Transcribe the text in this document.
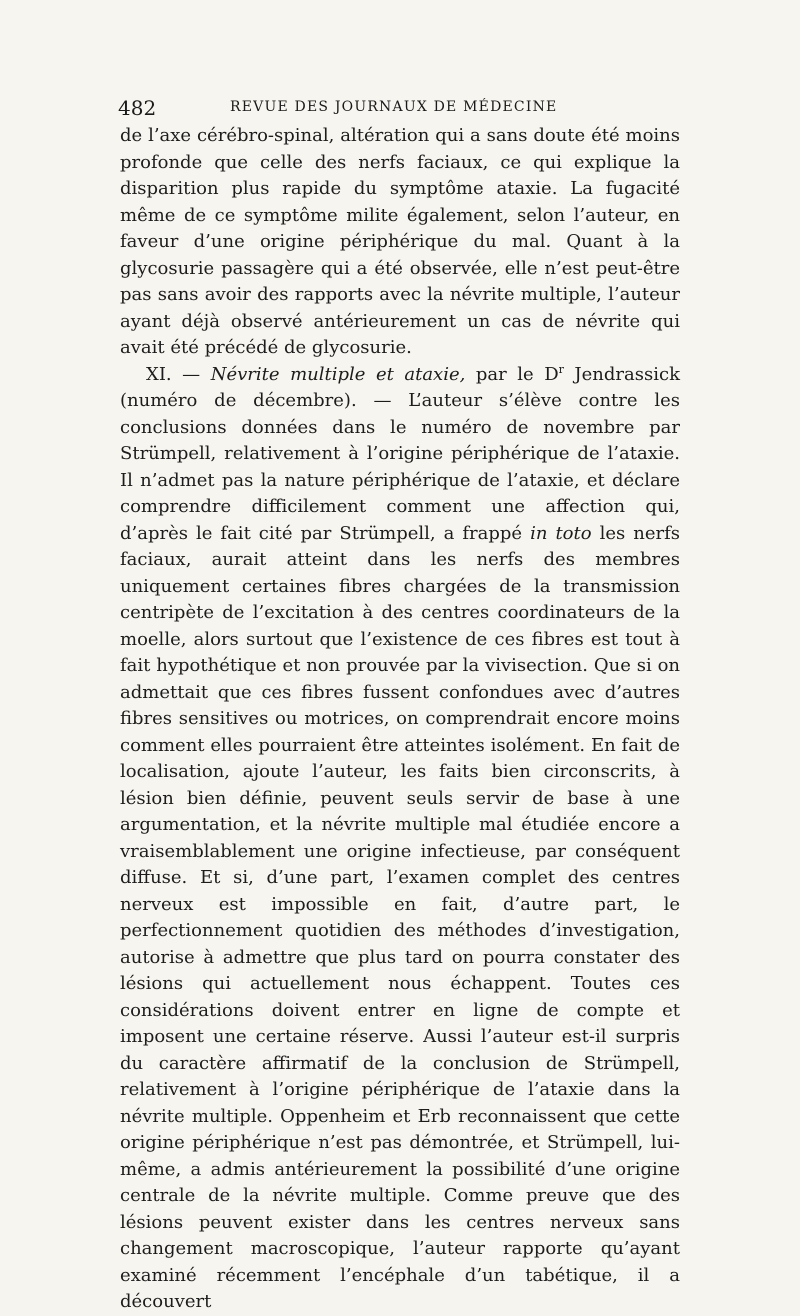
482	REVUE DES JOURNAUX DE MÉDECINE

de l’axe cérébro-spinal, altération qui a sans doute été moins profonde que celle des nerfs faciaux, ce qui explique la disparition plus rapide du symptôme ataxie. La fugacité même de ce symptôme milite également, selon l’auteur, en faveur d’une origine périphérique du mal. Quant à la glycosurie passagère qui a été observée, elle n’est peut-être pas sans avoir des rapports avec la névrite multiple, l’auteur ayant déjà observé antérieurement un cas de névrite qui avait été précédé de glycosurie.

XI. — Névrite multiple et ataxie, par le $D^r$ Jendrassick (numéro de décembre). — L’auteur s’élève contre les conclusions données dans le numéro de novembre par Strümpell, relativement à l’origine périphérique de l’ataxie. Il n’admet pas la nature périphérique de l’ataxie, et déclare comprendre difficilement comment une affection qui, d’après le fait cité par Strümpell, a frappé in toto les nerfs faciaux, aurait atteint dans les nerfs des membres uniquement certaines fibres chargées de la transmission centripète de l’excitation à des centres coordinateurs de la moelle, alors surtout que l’existence de ces fibres est tout à fait hypothétique et non prouvée par la vivisection. Que si on admettait que ces fibres fussent confondues avec d’autres fibres sensitives ou motrices, on comprendrait encore moins comment elles pourraient être atteintes isolément. En fait de localisation, ajoute l’auteur, les faits bien circonscrits, à lésion bien définie, peuvent seuls servir de base à une argumentation, et la névrite multiple mal étudiée encore a vraisemblablement une origine infectieuse, par conséquent diffuse. Et si, d’une part, l’examen complet des centres nerveux est impossible en fait, d’autre part, le perfectionnement quotidien des méthodes d’investigation, autorise à admettre que plus tard on pourra constater des lésions qui actuellement nous échappent. Toutes ces considérations doivent entrer en ligne de compte et imposent une certaine réserve. Aussi l’auteur est-il surpris du caractère affirmatif de la conclusion de Strümpell, relativement à l’origine périphérique de l’ataxie dans la névrite multiple. Oppenheim et Erb reconnaissent que cette origine périphérique n’est pas démontrée, et Strümpell, lui-même, a admis antérieurement la possibilité d’une origine centrale de la névrite multiple. Comme preuve que des lésions peuvent exister dans les centres nerveux sans changement macroscopique, l’auteur rapporte qu’ayant examiné récemment l’encéphale d’un tabétique, il a découvert
